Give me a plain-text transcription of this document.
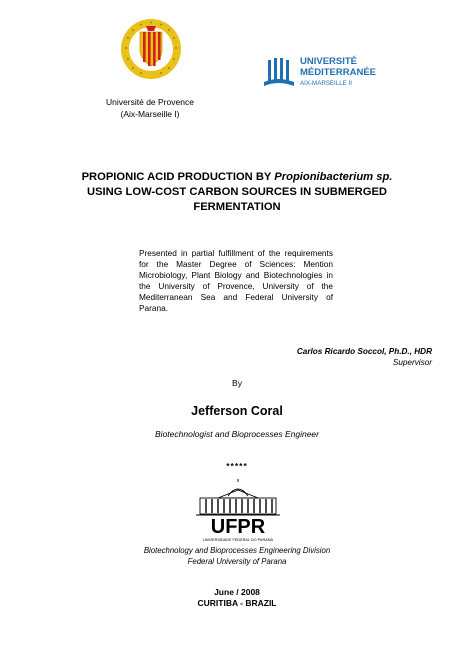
UNIVERSITÉ
MÉDITERRANÉE
AIX-MARSEILLE II
Université de Provence
(Aix-Marseille I)
PROPIONIC ACID PRODUCTION BY Propionibacterium sp.
USING LOW-COST CARBON SOURCES IN SUBMERGED
FERMENTATION
Presented in partial fulfillment of the requirements for the Master Degree of Sciences: Mention Microbiology, Plant Biology and Biotechnologies in the University of Provence, University of the Mediterranean Sea and Federal University of Parana.
Carlos Ricardo Soccol, Ph.D., HDR
Supervisor
By
Jefferson Coral
Biotechnologist and Bioprocesses Engineer
*****
UFPR
UNIVERSIDADE FEDERAL DO PARANÁ
Biotechnology and Bioprocesses Engineering Division
Federal University of Parana
June / 2008
CURITIBA - BRAZIL
